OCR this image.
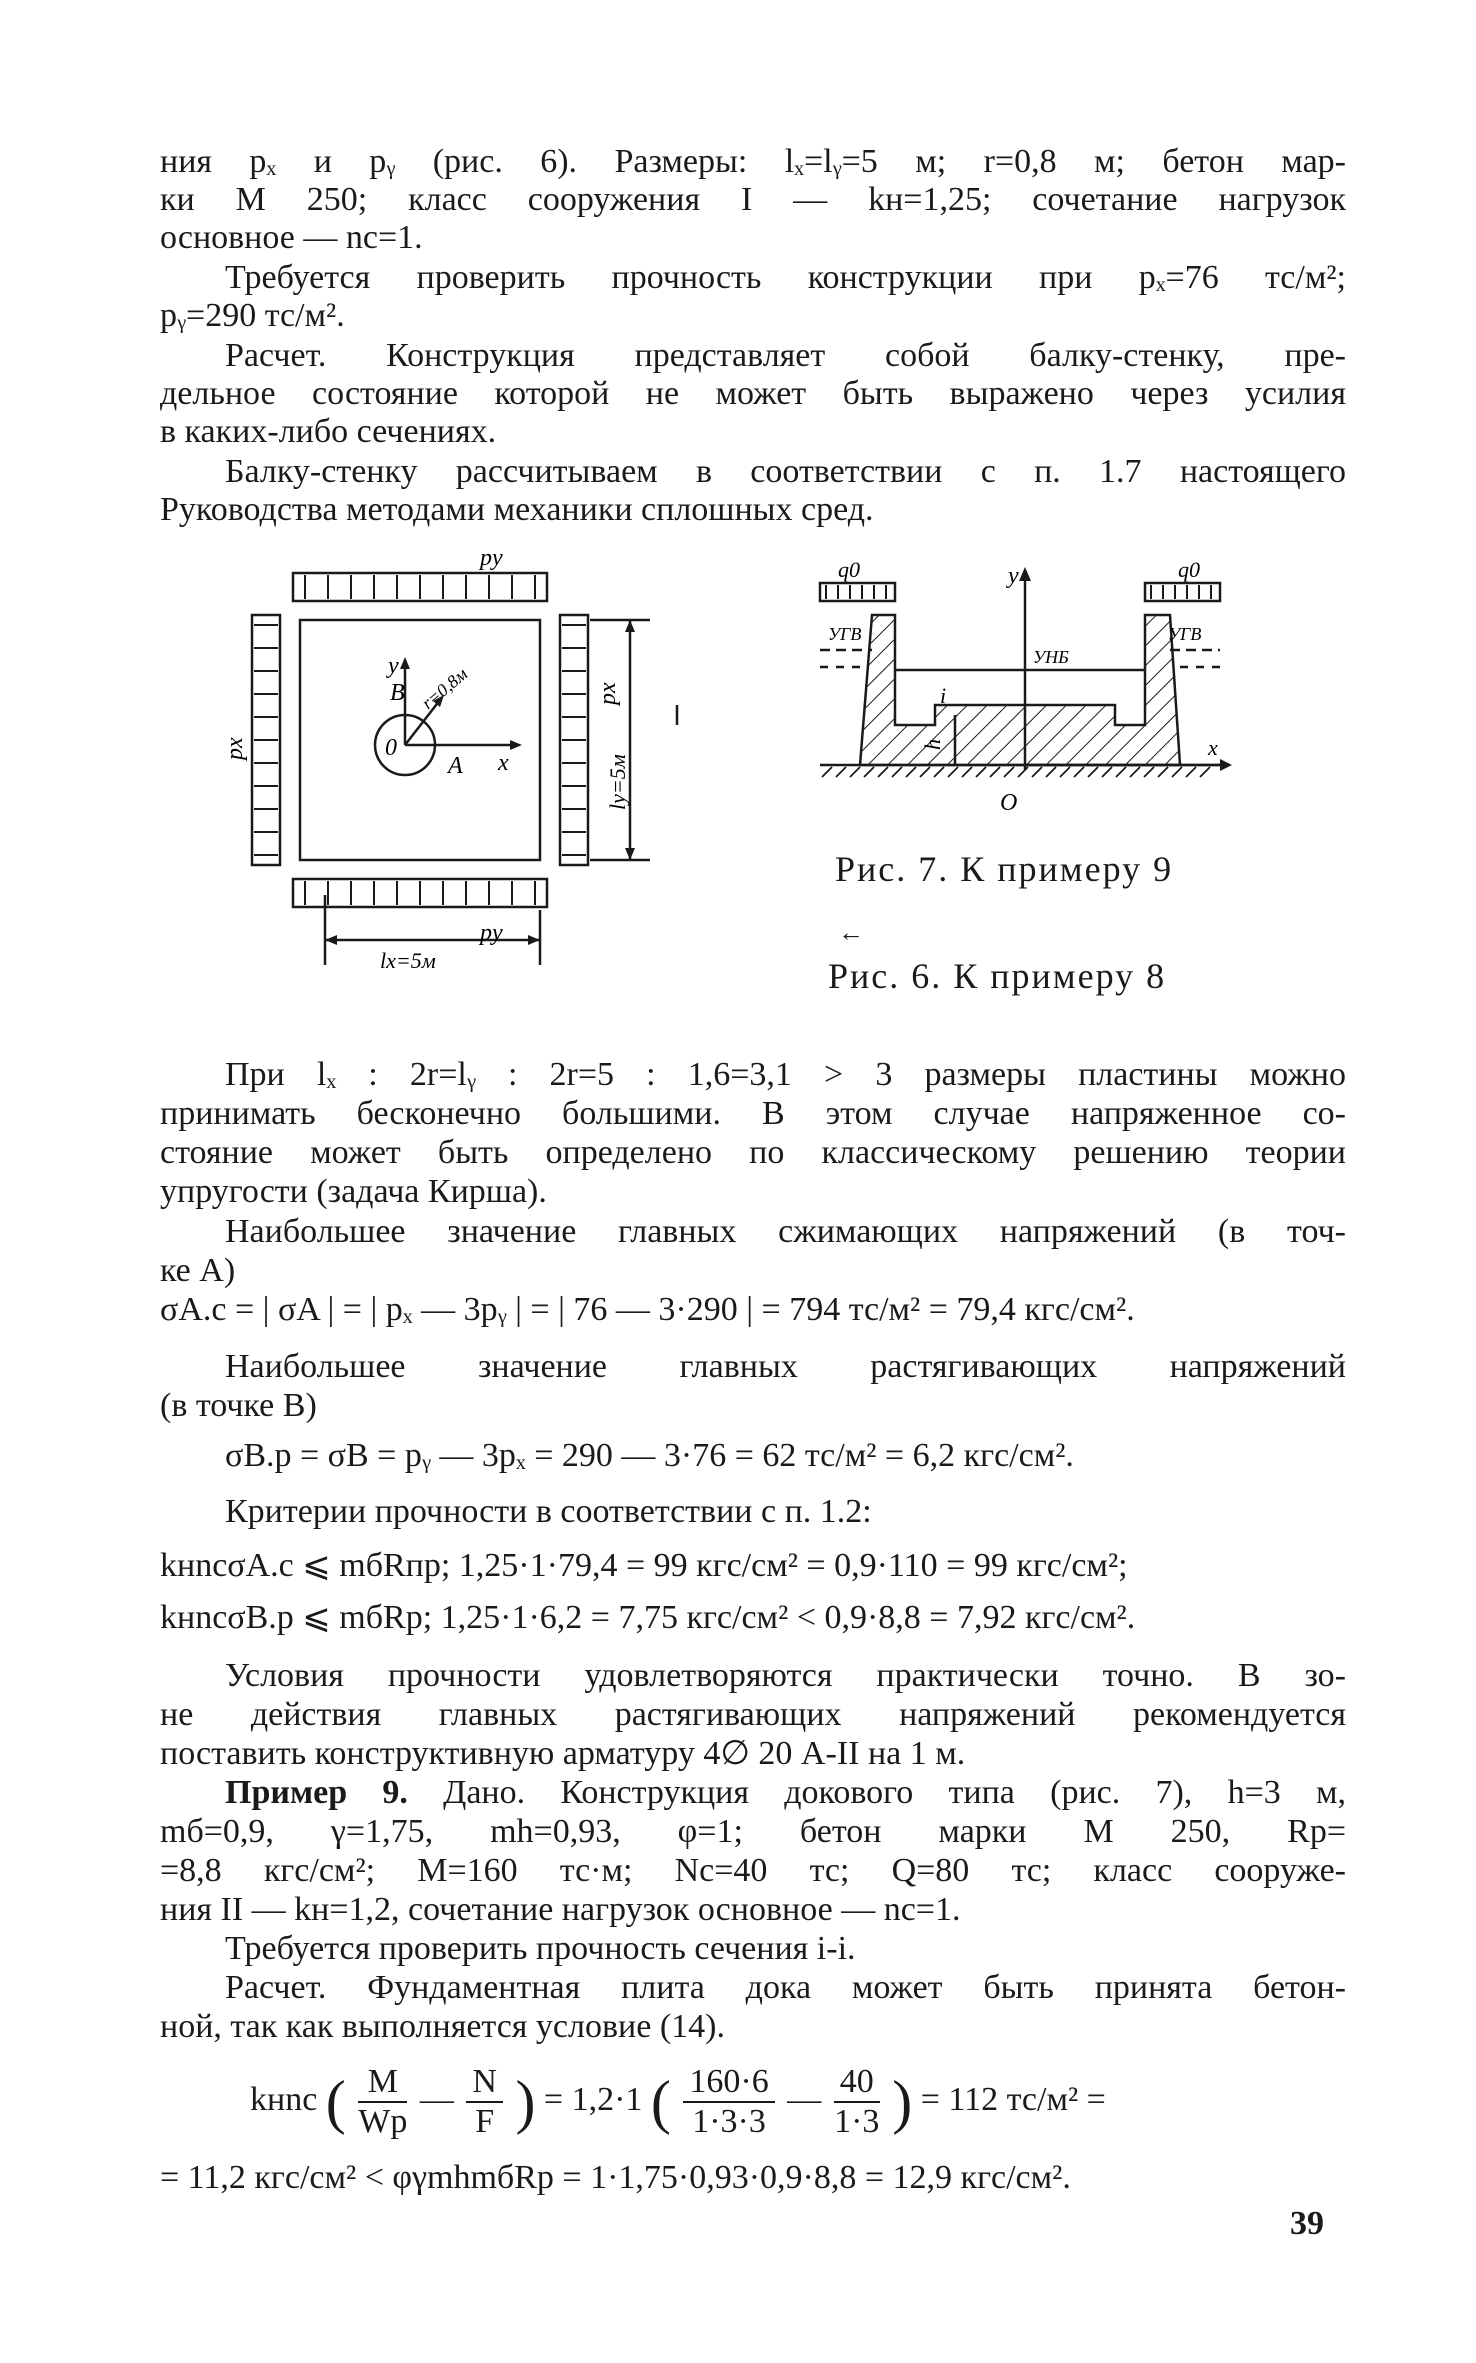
ния pₓ и pᵧ (рис. 6). Размеры: lₓ=lᵧ=5 м; r=0,8 м; бетон мар-
ки М 250; класс сооружения I — kн=1,25; сочетание нагрузок
основное — nс=1.
Требуется проверить прочность конструкции при pₓ=76 тс/м²;
pᵧ=290 тс/м².
Расчет. Конструкция представляет собой балку-стенку, пре-
дельное состояние которой не может быть выражено через усилия
в каких-либо сечениях.
Балку-стенку рассчитываем в соответствии с п. 1.7 настоящего
Руководства методами механики сплошных сред.
py
py
px
px
y
x
A
B
0
r=0,8м
ly=5м
lx=5м
q0	q0
y
УГВ	УГВ
УНБ
i
h	x
O
Рис. 7. К примеру 9
←
Рис. 6. К примеру 8
При lₓ : 2r=lᵧ : 2r=5 : 1,6=3,1 > 3 размеры пластины можно
принимать бесконечно большими. В этом случае напряженное со-
стояние может быть определено по классическому решению теории
упругости (задача Кирша).
Наибольшее значение главных сжимающих напряжений (в точ-
ке A)
σA.с = | σA | = | pₓ — 3pᵧ | = | 76 — 3·290 | = 794 тс/м² = 79,4 кгс/см².
Наибольшее значение главных растягивающих напряжений
(в точке B)
σB.р = σB = pᵧ — 3pₓ = 290 — 3·76 = 62 тс/м² = 6,2 кгс/см².
Критерии прочности в соответствии с п. 1.2:
kнnсσA.с ⩽ mбRпр; 1,25·1·79,4 = 99 кгс/см² = 0,9·110 = 99 кгс/см²;
kнnсσB.р ⩽ mбRр; 1,25·1·6,2 = 7,75 кгс/см² < 0,9·8,8 = 7,92 кгс/см².
Условия прочности удовлетворяются практически точно. В зо-
не действия главных растягивающих напряжений рекомендуется
поставить конструктивную арматуру 4∅ 20 А-II на 1 м.
Пример 9. Дано. Конструкция докового типа (рис. 7), h=3 м,
mб=0,9, γ=1,75, mh=0,93, φ=1; бетон марки М 250, Rр=
=8,8 кгс/см²; M=160 тс·м; Nс=40 тс; Q=80 тс; класс сооруже-
ния II — kн=1,2, сочетание нагрузок основное — nс=1.
Требуется проверить прочность сечения i-i.
Расчет. Фундаментная плита дока может быть принята бетон-
ной, так как выполняется условие (14).
kнnс ( $\frac{M}{Wр}$ — $\frac{N}{F}$ ) = 1,2·1 ( $\frac{160\cdot 6}{1\cdot 3\cdot 3}$ — $\frac{40}{1\cdot 3}$ ) = 112 тс/м² =
= 11,2 кгс/см² < φγmhmбRр = 1·1,75·0,93·0,9·8,8 = 12,9 кгс/см².
39
